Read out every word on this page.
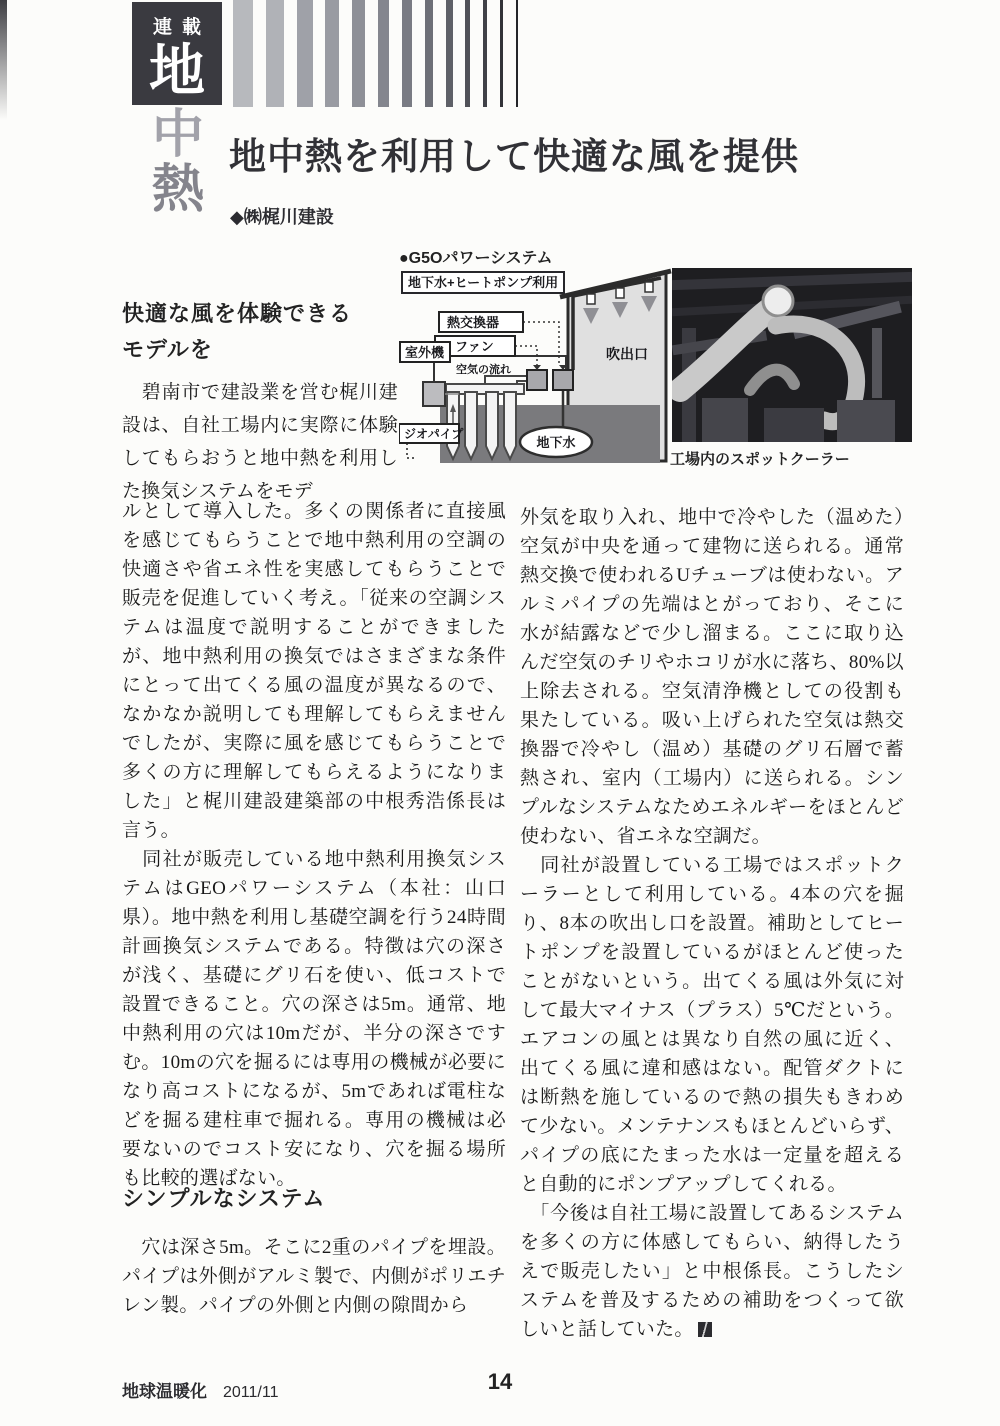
連載
地
中
熱
地中熱を利用して快適な風を提供
◆㈱梶川建設
●G5Oパワーシステム
吹出口
地下水
熱交換器
ファン
室外機
ジオパイプ
空気の流れ
地下水+ヒートポンプ利用
工場内のスポットクーラー
快適な風を体験できる
モデルを

　碧南市で建設業を営む梶川建設は、自社工場内に実際に体験してもらおうと地中熱を利用した換気システムをモデ

ルとして導入した。多くの関係者に直接風を感じてもらうことで地中熱利用の空調の快適さや省エネ性を実感してもらうことで販売を促進していく考え。「従来の空調システムは温度で説明することができましたが、地中熱利用の換気ではさまざまな条件にとって出てくる風の温度が異なるので、なかなか説明しても理解してもらえませんでしたが、実際に風を感じてもらうことで多くの方に理解してもらえるようになりました」と梶川建設建築部の中根秀浩係長は言う。

　同社が販売している地中熱利用換気システムはGEOパワーシステム（本社：山口県）。地中熱を利用し基礎空調を行う24時間計画換気システムである。特徴は穴の深さが浅く、基礎にグリ石を使い、低コストで設置できること。穴の深さは5m。通常、地中熱利用の穴は10mだが、半分の深さですむ。10mの穴を掘るには専用の機械が必要になり高コストになるが、5mであれば電柱などを掘る建柱車で掘れる。専用の機械は必要ないのでコスト安になり、穴を掘る場所も比較的選ばない。

シンプルなシステム

　穴は深さ5m。そこに2重のパイプを埋設。パイプは外側がアルミ製で、内側がポリエチレン製。パイプの外側と内側の隙間から

外気を取り入れ、地中で冷やした（温めた）空気が中央を通って建物に送られる。通常熱交換で使われるUチューブは使わない。アルミパイプの先端はとがっており、そこに水が結露などで少し溜まる。ここに取り込んだ空気のチリやホコリが水に落ち、80%以上除去される。空気清浄機としての役割も果たしている。吸い上げられた空気は熱交換器で冷やし（温め）基礎のグリ石層で蓄熱され、室内（工場内）に送られる。シンプルなシステムなためエネルギーをほとんど使わない、省エネな空調だ。

　同社が設置している工場ではスポットクーラーとして利用している。4本の穴を掘り、8本の吹出し口を設置。補助としてヒートポンプを設置しているがほとんど使ったことがないという。出てくる風は外気に対して最大マイナス（プラス）5℃だという。エアコンの風とは異なり自然の風に近く、出てくる風に違和感はない。配管ダクトには断熱を施しているので熱の損失もきわめて少ない。メンテナンスもほとんどいらず、パイプの底にたまった水は一定量を超えると自動的にポンプアップしてくれる。

　「今後は自社工場に設置してあるシステムを多くの方に体感してもらい、納得したうえで販売したい」と中根係長。こうしたシステムを普及するための補助をつくって欲しいと話していた。

地球温暖化 2011/11	14
